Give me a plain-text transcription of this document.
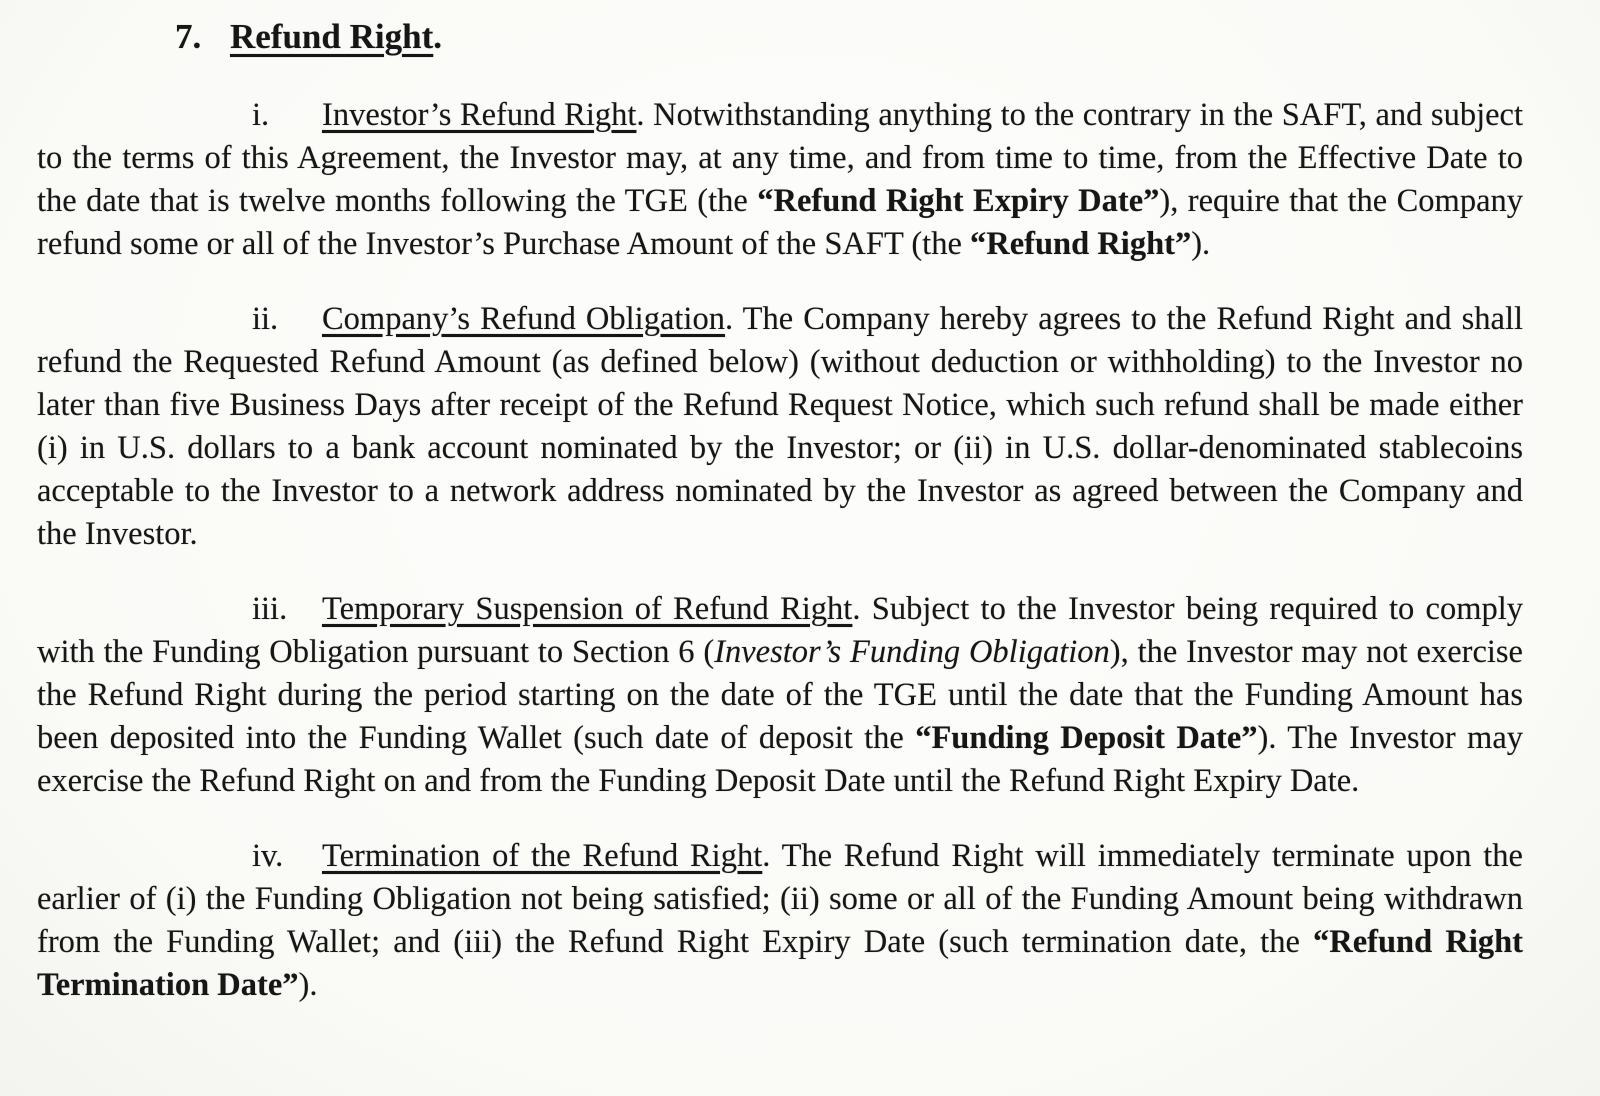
7. Refund Right.

i. Investor’s Refund Right. Notwithstanding anything to the contrary in the SAFT, and subject to the terms of this Agreement, the Investor may, at any time, and from time to time, from the Effective Date to the date that is twelve months following the TGE (the “Refund Right Expiry Date”), require that the Company refund some or all of the Investor’s Purchase Amount of the SAFT (the “Refund Right”).

ii. Company’s Refund Obligation. The Company hereby agrees to the Refund Right and shall refund the Requested Refund Amount (as defined below) (without deduction or withholding) to the Investor no later than five Business Days after receipt of the Refund Request Notice, which such refund shall be made either (i) in U.S. dollars to a bank account nominated by the Investor; or (ii) in U.S. dollar-denominated stablecoins acceptable to the Investor to a network address nominated by the Investor as agreed between the Company and the Investor.

iii. Temporary Suspension of Refund Right. Subject to the Investor being required to comply with the Funding Obligation pursuant to Section 6 (Investor’s Funding Obligation), the Investor may not exercise the Refund Right during the period starting on the date of the TGE until the date that the Funding Amount has been deposited into the Funding Wallet (such date of deposit the “Funding Deposit Date”). The Investor may exercise the Refund Right on and from the Funding Deposit Date until the Refund Right Expiry Date.

iv. Termination of the Refund Right. The Refund Right will immediately terminate upon the earlier of (i) the Funding Obligation not being satisfied; (ii) some or all of the Funding Amount being withdrawn from the Funding Wallet; and (iii) the Refund Right Expiry Date (such termination date, the “Refund Right Termination Date”).
